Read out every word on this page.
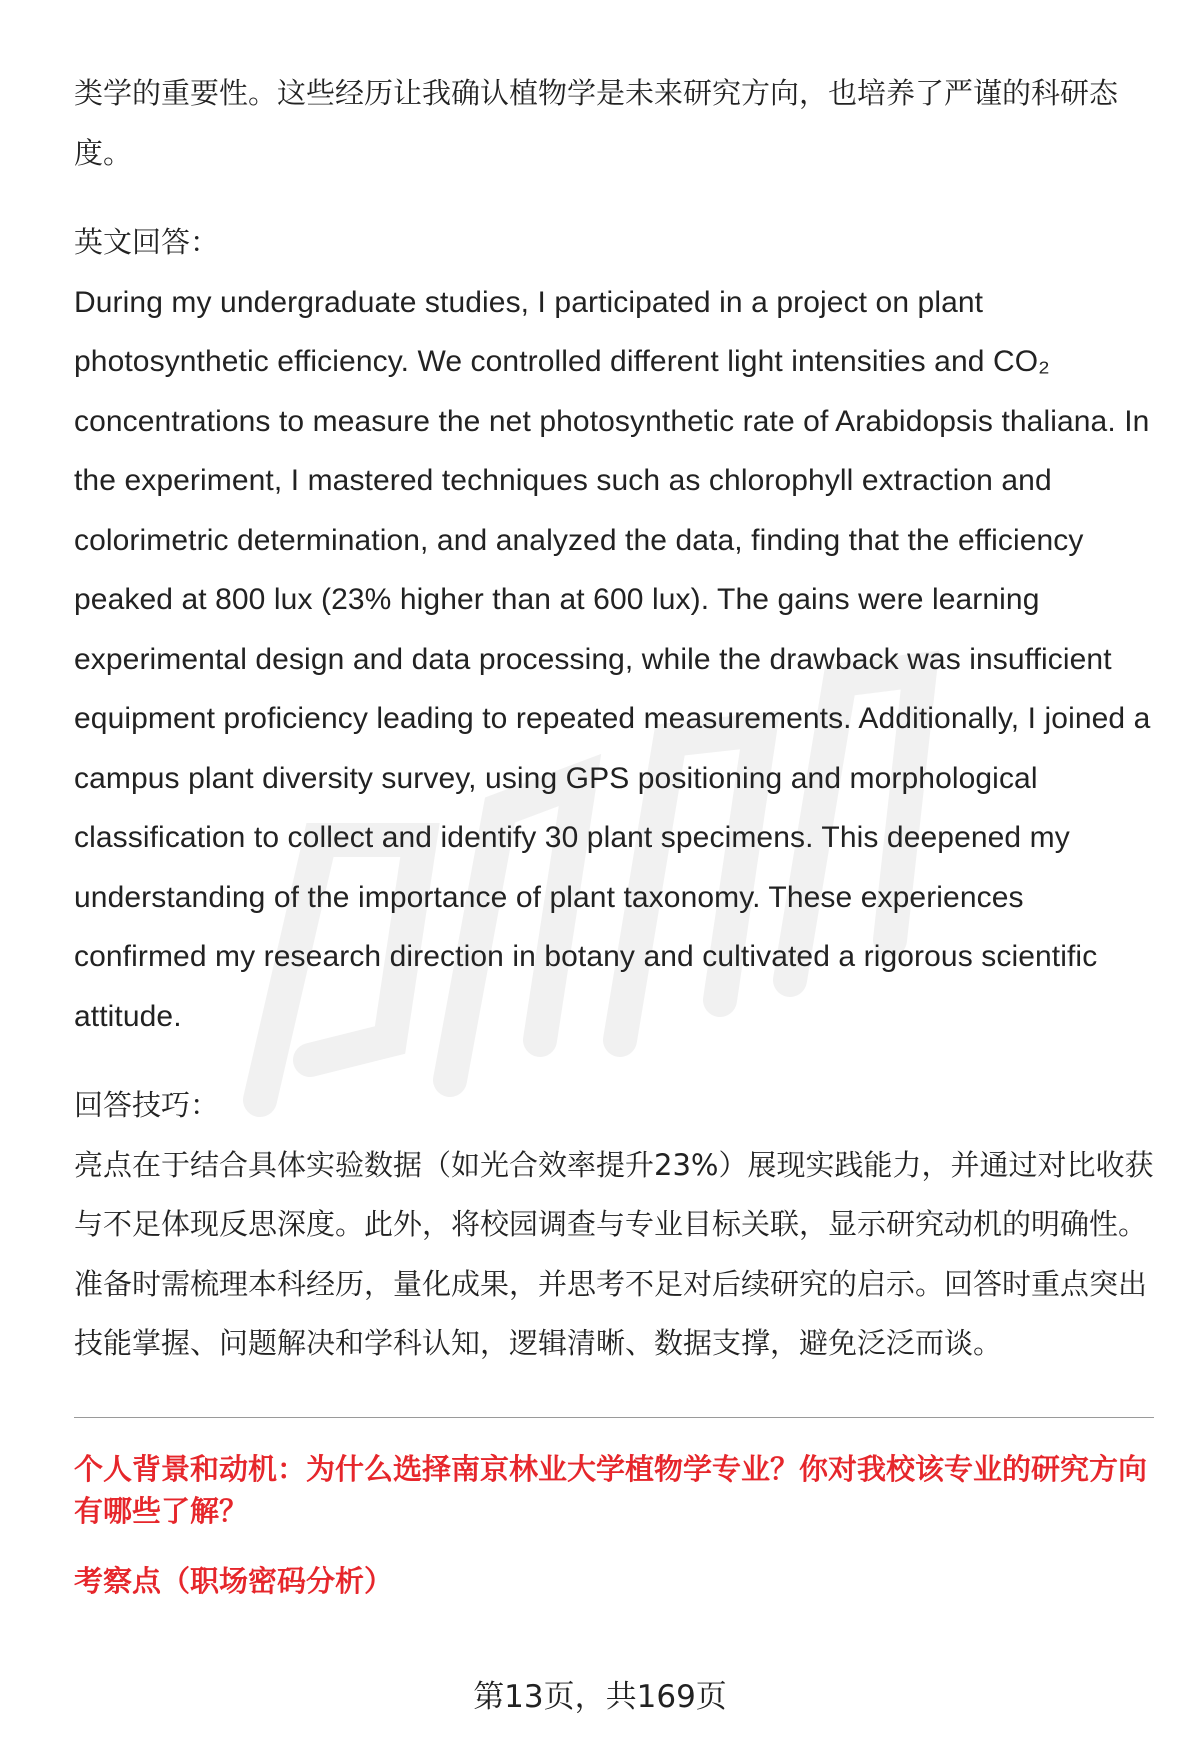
类学的重要性。这些经历让我确认植物学是未来研究方向，也培养了严谨的科研态度。

英文回答：

During my undergraduate studies, I participated in a project on plant photosynthetic efficiency. We controlled different light intensities and CO₂ concentrations to measure the net photosynthetic rate of Arabidopsis thaliana. In the experiment, I mastered techniques such as chlorophyll extraction and colorimetric determination, and analyzed the data, finding that the efficiency peaked at 800 lux (23% higher than at 600 lux). The gains were learning experimental design and data processing, while the drawback was insufficient equipment proficiency leading to repeated measurements. Additionally, I joined a campus plant diversity survey, using GPS positioning and morphological classification to collect and identify 30 plant specimens. This deepened my understanding of the importance of plant taxonomy. These experiences confirmed my research direction in botany and cultivated a rigorous scientific attitude.

回答技巧：

亮点在于结合具体实验数据（如光合效率提升23%）展现实践能力，并通过对比收获与不足体现反思深度。此外，将校园调查与专业目标关联，显示研究动机的明确性。准备时需梳理本科经历，量化成果，并思考不足对后续研究的启示。回答时重点突出技能掌握、问题解决和学科认知，逻辑清晰、数据支撑，避免泛泛而谈。

个人背景和动机：为什么选择南京林业大学植物学专业？你对我校该专业的研究方向有哪些了解？
考察点（职场密码分析）
第13页，共169页
